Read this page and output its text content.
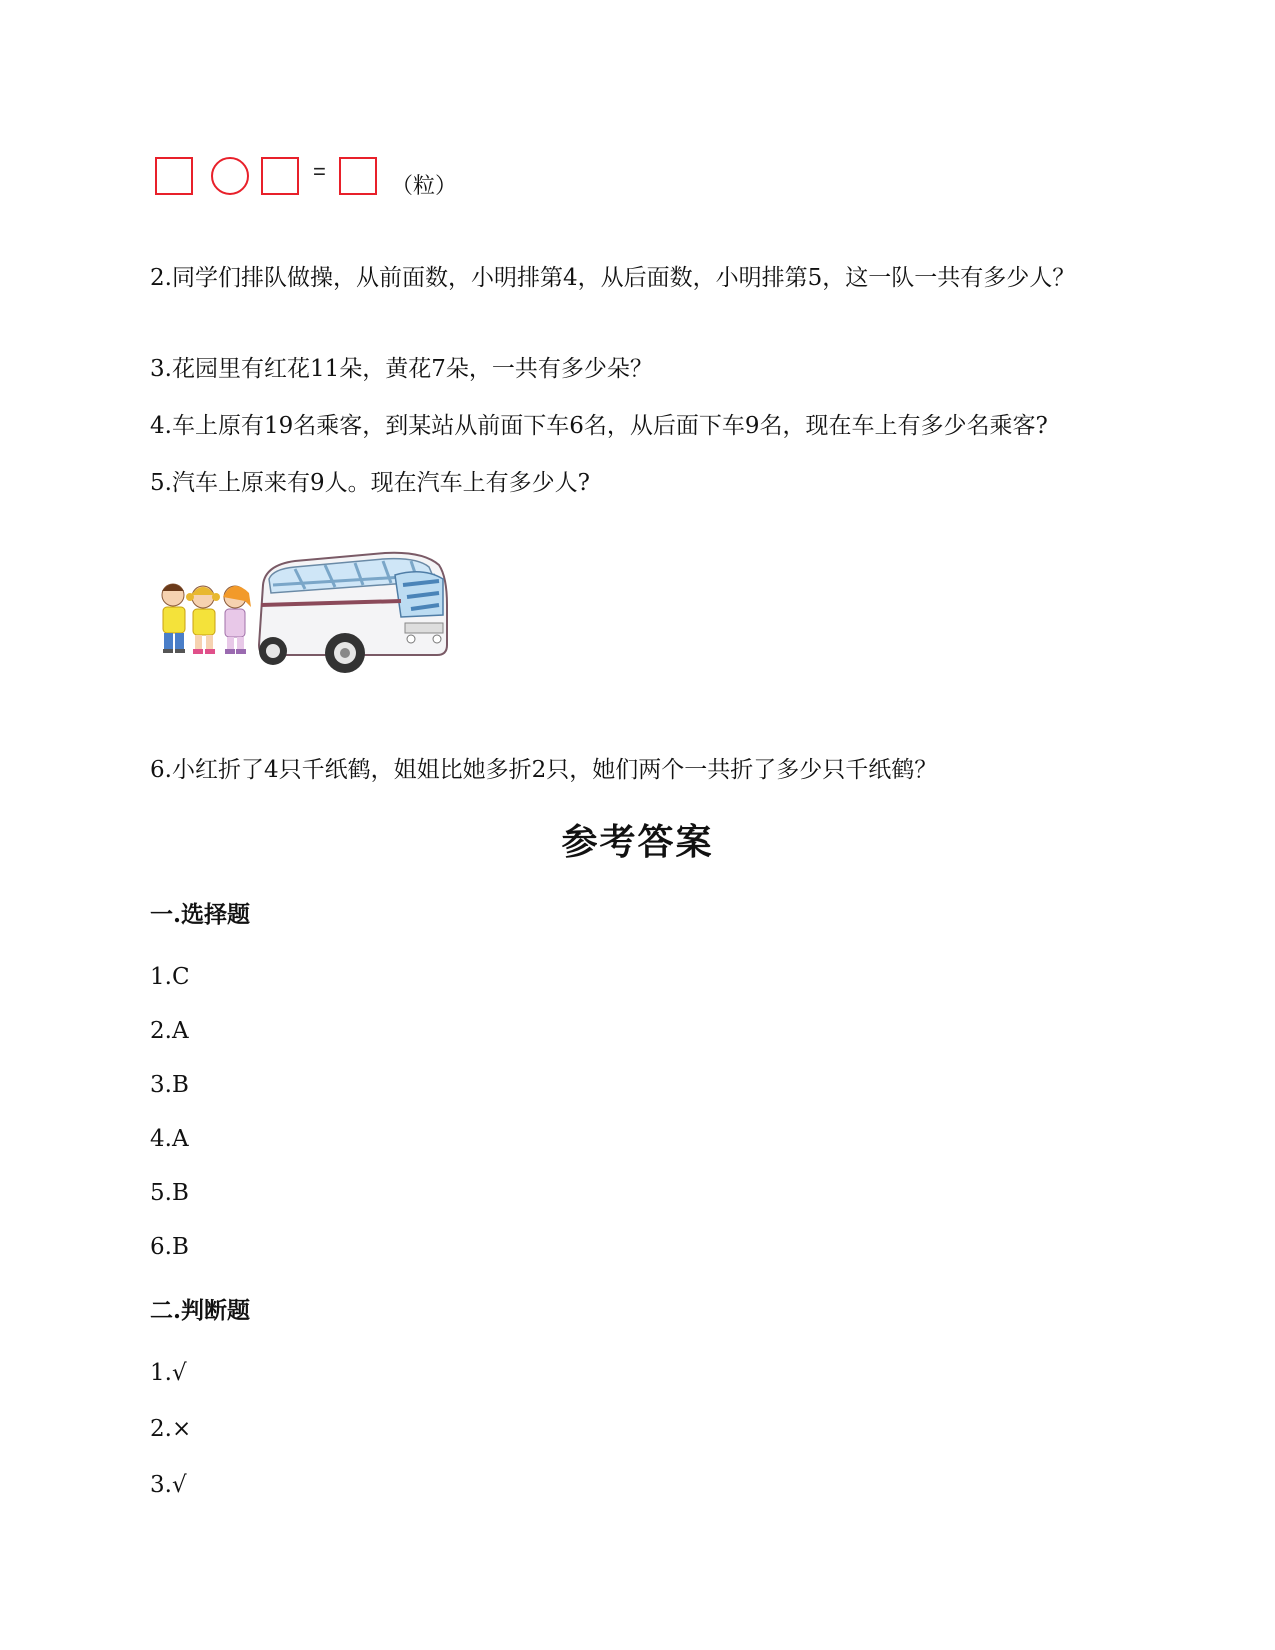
=
（粒）
2.同学们排队做操，从前面数，小明排第4，从后面数，小明排第5，这一队一共有多少人？
3.花园里有红花11朵，黄花7朵，一共有多少朵？
4.车上原有19名乘客，到某站从前面下车6名，从后面下车9名，现在车上有多少名乘客?
5.汽车上原来有9人。现在汽车上有多少人?
6.小红折了4只千纸鹤，姐姐比她多折2只，她们两个一共折了多少只千纸鹤？
参考答案
一.选择题
1.C
2.A
3.B
4.A
5.B
6.B
二.判断题
1.√
2.×
3.√
